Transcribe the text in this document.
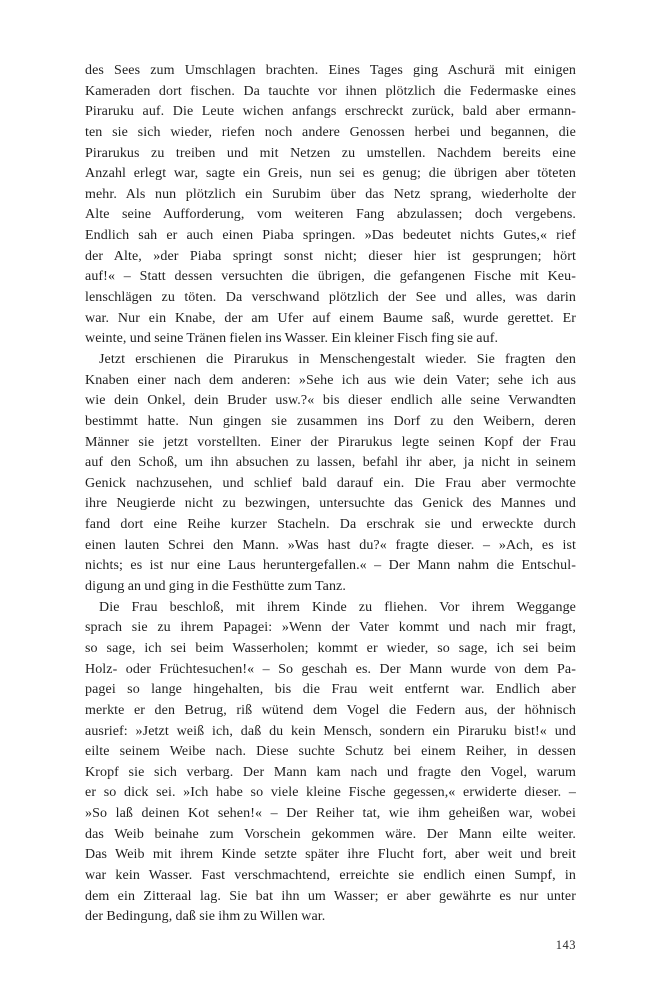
des Sees zum Umschlagen brachten. Eines Tages ging Aschurä mit einigen
Kameraden dort fischen. Da tauchte vor ihnen plötzlich die Federmaske eines
Piraruku auf. Die Leute wichen anfangs erschreckt zurück, bald aber ermann-
ten sie sich wieder, riefen noch andere Genossen herbei und begannen, die
Pirarukus zu treiben und mit Netzen zu umstellen. Nachdem bereits eine
Anzahl erlegt war, sagte ein Greis, nun sei es genug; die übrigen aber töteten
mehr. Als nun plötzlich ein Surubim über das Netz sprang, wiederholte der
Alte seine Aufforderung, vom weiteren Fang abzulassen; doch vergebens.
Endlich sah er auch einen Piaba springen. »Das bedeutet nichts Gutes,« rief
der Alte, »der Piaba springt sonst nicht; dieser hier ist gesprungen; hört
auf!« – Statt dessen versuchten die übrigen, die gefangenen Fische mit Keu-
lenschlägen zu töten. Da verschwand plötzlich der See und alles, was darin
war. Nur ein Knabe, der am Ufer auf einem Baume saß, wurde gerettet. Er
weinte, und seine Tränen fielen ins Wasser. Ein kleiner Fisch fing sie auf.
Jetzt erschienen die Pirarukus in Menschengestalt wieder. Sie fragten den
Knaben einer nach dem anderen: »Sehe ich aus wie dein Vater; sehe ich aus
wie dein Onkel, dein Bruder usw.?« bis dieser endlich alle seine Verwandten
bestimmt hatte. Nun gingen sie zusammen ins Dorf zu den Weibern, deren
Männer sie jetzt vorstellten. Einer der Pirarukus legte seinen Kopf der Frau
auf den Schoß, um ihn absuchen zu lassen, befahl ihr aber, ja nicht in seinem
Genick nachzusehen, und schlief bald darauf ein. Die Frau aber vermochte
ihre Neugierde nicht zu bezwingen, untersuchte das Genick des Mannes und
fand dort eine Reihe kurzer Stacheln. Da erschrak sie und erweckte durch
einen lauten Schrei den Mann. »Was hast du?« fragte dieser. – »Ach, es ist
nichts; es ist nur eine Laus heruntergefallen.« – Der Mann nahm die Entschul-
digung an und ging in die Festhütte zum Tanz.
Die Frau beschloß, mit ihrem Kinde zu fliehen. Vor ihrem Weggange
sprach sie zu ihrem Papagei: »Wenn der Vater kommt und nach mir fragt,
so sage, ich sei beim Wasserholen; kommt er wieder, so sage, ich sei beim
Holz- oder Früchtesuchen!« – So geschah es. Der Mann wurde von dem Pa-
pagei so lange hingehalten, bis die Frau weit entfernt war. Endlich aber
merkte er den Betrug, riß wütend dem Vogel die Federn aus, der höhnisch
ausrief: »Jetzt weiß ich, daß du kein Mensch, sondern ein Piraruku bist!« und
eilte seinem Weibe nach. Diese suchte Schutz bei einem Reiher, in dessen
Kropf sie sich verbarg. Der Mann kam nach und fragte den Vogel, warum
er so dick sei. »Ich habe so viele kleine Fische gegessen,« erwiderte dieser. –
»So laß deinen Kot sehen!« – Der Reiher tat, wie ihm geheißen war, wobei
das Weib beinahe zum Vorschein gekommen wäre. Der Mann eilte weiter.
Das Weib mit ihrem Kinde setzte später ihre Flucht fort, aber weit und breit
war kein Wasser. Fast verschmachtend, erreichte sie endlich einen Sumpf, in
dem ein Zitteraal lag. Sie bat ihn um Wasser; er aber gewährte es nur unter
der Bedingung, daß sie ihm zu Willen war.
143
